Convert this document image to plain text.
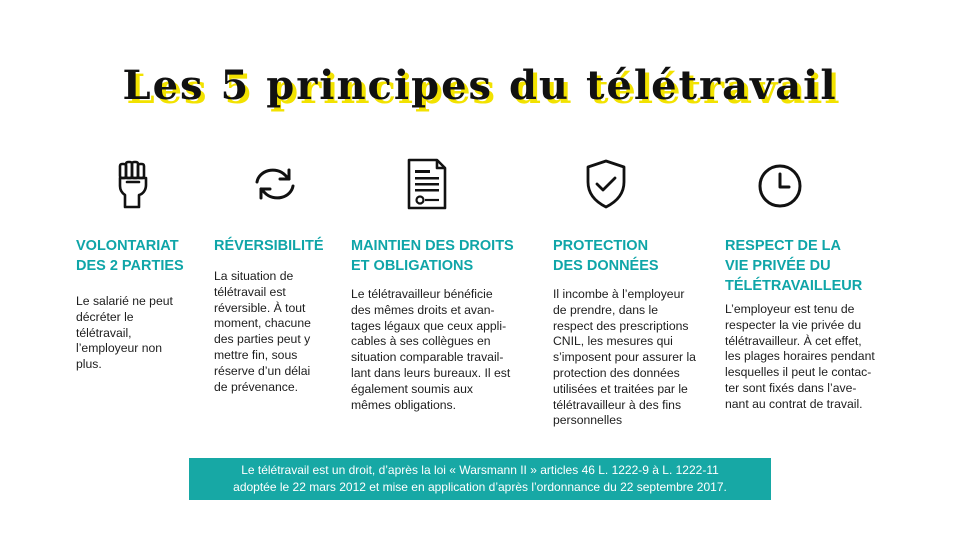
Les 5 principes du télétravail

VOLONTARIAT
DES 2 PARTIES

Le salarié ne peut
décréter le
télétravail,
l’employeur non
plus.

RÉVERSIBILITÉ

La situation de
télétravail est
réversible. À tout
moment, chacune
des parties peut y
mettre fin, sous
réserve d’un délai
de prévenance.

MAINTIEN DES DROITS
ET OBLIGATIONS

Le télétravailleur bénéficie
des mêmes droits et avan-
tages légaux que ceux appli-
cables à ses collègues en
situation comparable travail-
lant dans leurs bureaux. Il est
également soumis aux
mêmes obligations.

PROTECTION
DES DONNÉES

Il incombe à l’employeur
de prendre, dans le
respect des prescriptions
CNIL, les mesures qui
s’imposent pour assurer la
protection des données
utilisées et traitées par le
télétravailleur à des fins
personnelles

RESPECT DE LA
VIE PRIVÉE DU
TÉLÉTRAVAILLEUR

L’employeur est tenu de
respecter la vie privée du
télétravailleur. À cet effet,
les plages horaires pendant
lesquelles il peut le contac-
ter sont fixés dans l’ave-
nant au contrat de travail.

Le télétravail est un droit, d’après la loi « Warsmann II » articles 46 L. 1222-9 à L. 1222-11
adoptée le 22 mars 2012 et mise en application d’après l’ordonnance du 22 septembre 2017.
